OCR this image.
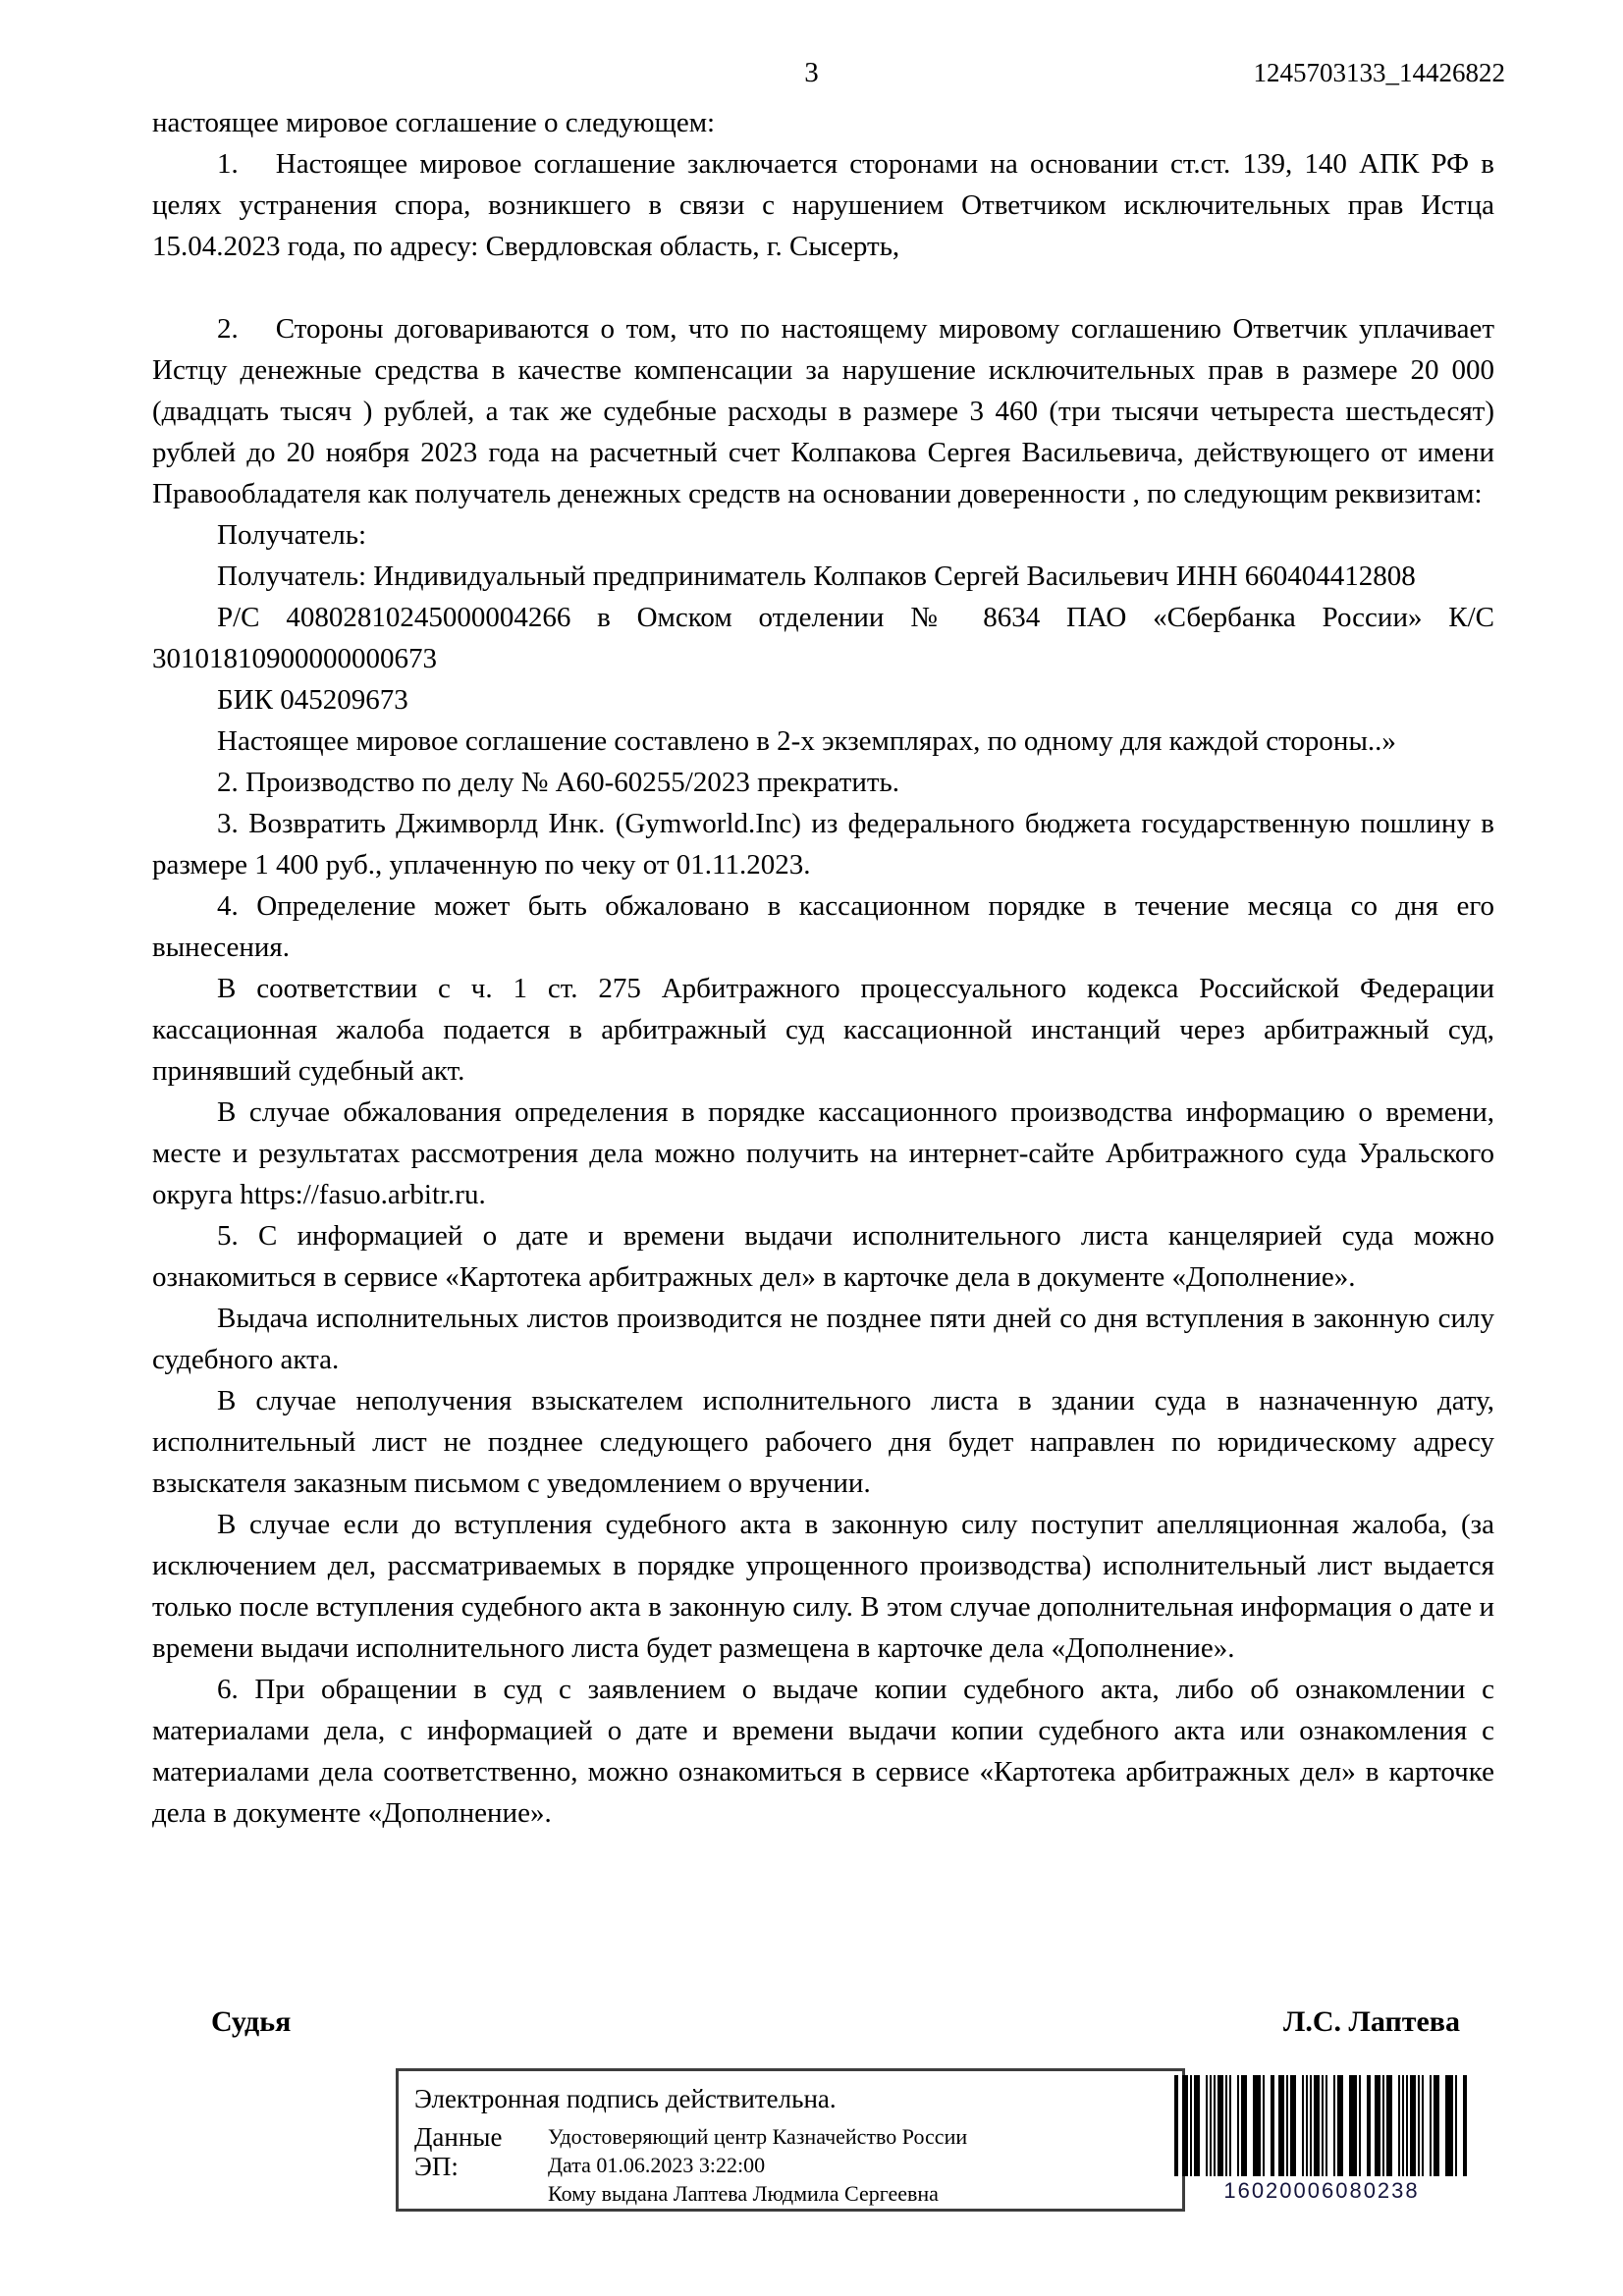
3	1245703133_14426822

настоящее мировое соглашение о следующем:

1. Настоящее мировое соглашение заключается сторонами на основании ст.ст. 139, 140 АПК РФ в целях устранения спора, возникшего в связи с нарушением Ответчиком исключительных прав Истца 15.04.2023 года, по адресу: Свердловская область, г. Сысерть,

2. Стороны договариваются о том, что по настоящему мировому соглашению Ответчик уплачивает Истцу денежные средства в качестве компенсации за нарушение исключительных прав в размере 20 000 (двадцать тысяч ) рублей, а так же судебные расходы в размере 3 460 (три тысячи четыреста шестьдесят) рублей до 20 ноября 2023 года на расчетный счет Колпакова Сергея Васильевича, действующего от имени Правообладателя как получатель денежных средств на основании доверенности , по следующим реквизитам:

Получатель:

Получатель: Индивидуальный предприниматель Колпаков Сергей Васильевич ИНН 660404412808

Р/С 40802810245000004266 в Омском отделении № 8634 ПАО «Сбербанка России» К/С 30101810900000000673

БИК 045209673

Настоящее мировое соглашение составлено в 2-х экземплярах, по одному для каждой стороны..»

2. Производство по делу № А60-60255/2023 прекратить.

3. Возвратить Джимворлд Инк. (Gymworld.Inc) из федерального бюджета государственную пошлину в размере 1 400 руб., уплаченную по чеку от 01.11.2023.

4. Определение может быть обжаловано в кассационном порядке в течение месяца со дня его вынесения.

В соответствии с ч. 1 ст. 275 Арбитражного процессуального кодекса Российской Федерации кассационная жалоба подается в арбитражный суд кассационной инстанций через арбитражный суд, принявший судебный акт.

В случае обжалования определения в порядке кассационного производства информацию о времени, месте и результатах рассмотрения дела можно получить на интернет-сайте Арбитражного суда Уральского округа https://fasuo.arbitr.ru.

5. С информацией о дате и времени выдачи исполнительного листа канцелярией суда можно ознакомиться в сервисе «Картотека арбитражных дел» в карточке дела в документе «Дополнение».

Выдача исполнительных листов производится не позднее пяти дней со дня вступления в законную силу судебного акта.

В случае неполучения взыскателем исполнительного листа в здании суда в назначенную дату, исполнительный лист не позднее следующего рабочего дня будет направлен по юридическому адресу взыскателя заказным письмом с уведомлением о вручении.

В случае если до вступления судебного акта в законную силу поступит апелляционная жалоба, (за исключением дел, рассматриваемых в порядке упрощенного производства) исполнительный лист выдается только после вступления судебного акта в законную силу. В этом случае дополнительная информация о дате и времени выдачи исполнительного листа будет размещена в карточке дела «Дополнение».

6. При обращении в суд с заявлением о выдаче копии судебного акта, либо об ознакомлении с материалами дела, с информацией о дате и времени выдачи копии судебного акта или ознакомления с материалами дела соответственно, можно ознакомиться в сервисе «Картотека арбитражных дел» в карточке дела в документе «Дополнение».

Судья	Л.С. Лаптева
Электронная подпись действительна.
Данные ЭП:
Удостоверяющий центр Казначейство России
Дата 01.06.2023 3:22:00
Кому выдана Лаптева Людмила Сергеевна	16020006080238
